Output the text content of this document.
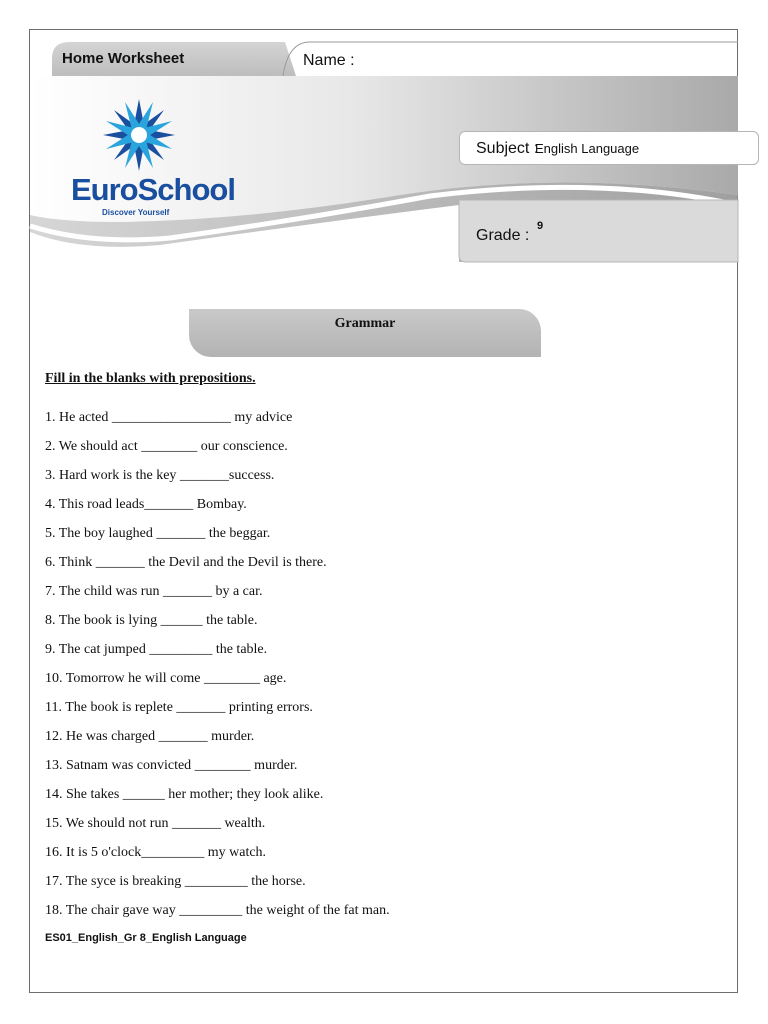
Home Worksheet	Name :
EuroSchool
Discover Yourself
Subject :
English Language
Grade :
9
Grammar
Fill in the blanks with prepositions.
1. He acted _________________ my advice
2. We should act ________ our conscience.
3. Hard work is the key _______success.
4. This road leads_______ Bombay.
5. The boy laughed _______ the beggar.
6. Think _______ the Devil and the Devil is there.
7. The child was run _______ by a car.
8. The book is lying ______ the table.
9. The cat jumped _________ the table.
10. Tomorrow he will come ________ age.
11. The book is replete _______ printing errors.
12. He was charged _______ murder.
13. Satnam was convicted ________ murder.
14. She takes ______ her mother; they look alike.
15. We should not run _______ wealth.
16. It is 5 o'clock_________ my watch.
17. The syce is breaking _________ the horse.
18. The chair gave way _________ the weight of the fat man.
ES01_English_Gr 8_English Language
